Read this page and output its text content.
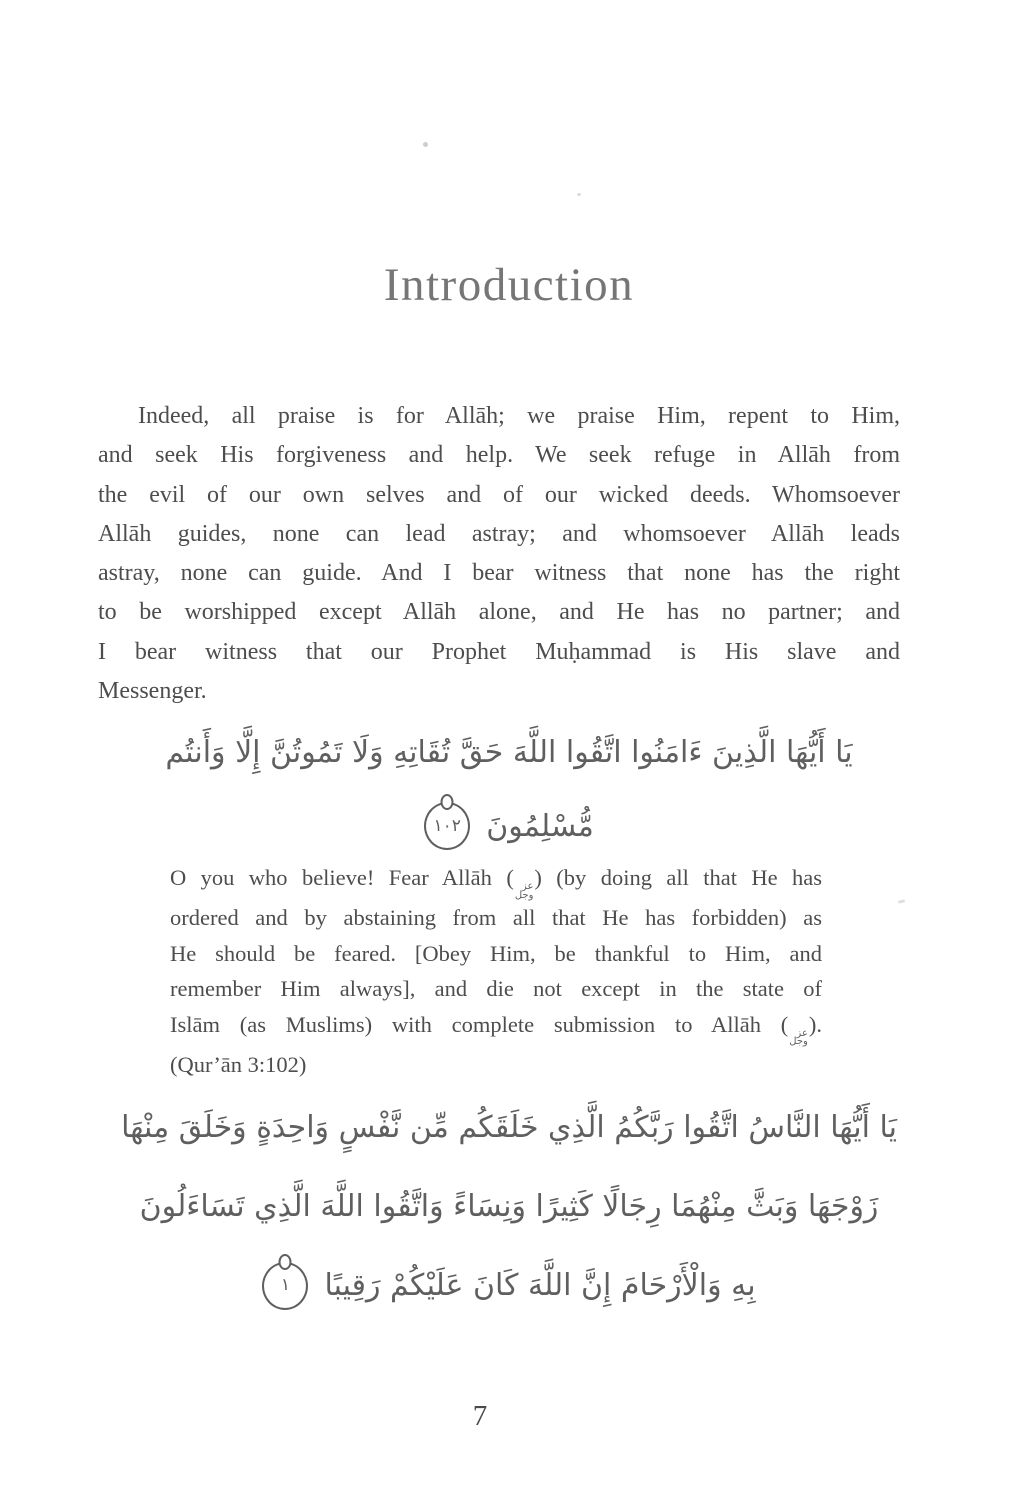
Introduction
Indeed, all praise is for Allāh; we praise Him, repent to Him,
and seek His forgiveness and help. We seek refuge in Allāh from
the evil of our own selves and of our wicked deeds. Whomsoever
Allāh guides, none can lead astray; and whomsoever Allāh leads
astray, none can guide. And I bear witness that none has the right
to be worshipped except Allāh alone, and He has no partner; and
I bear witness that our Prophet Muḥammad is His slave and
Messenger.
يَا أَيُّهَا الَّذِينَ ءَامَنُوا اتَّقُوا اللَّهَ حَقَّ تُقَاتِهِ وَلَا تَمُوتُنَّ إِلَّا وَأَنتُم
مُّسْلِمُونَ
١٠٢
O you who believe! Fear Allāh ( عز
وجل
) (by doing all that He has
ordered and by abstaining from all that He has forbidden) as
He should be feared. [Obey Him, be thankful to Him, and
remember Him always], and die not except in the state of
Islām (as Muslims) with complete submission to Allāh ( عز
وجل
).
(Qur’ān 3:102)
يَا أَيُّهَا النَّاسُ اتَّقُوا رَبَّكُمُ الَّذِي خَلَقَكُم مِّن نَّفْسٍ وَاحِدَةٍ وَخَلَقَ مِنْهَا
زَوْجَهَا وَبَثَّ مِنْهُمَا رِجَالًا كَثِيرًا وَنِسَاءً وَاتَّقُوا اللَّهَ الَّذِي تَسَاءَلُونَ
بِهِ وَالْأَرْحَامَ إِنَّ اللَّهَ كَانَ عَلَيْكُمْ رَقِيبًا
١
7
